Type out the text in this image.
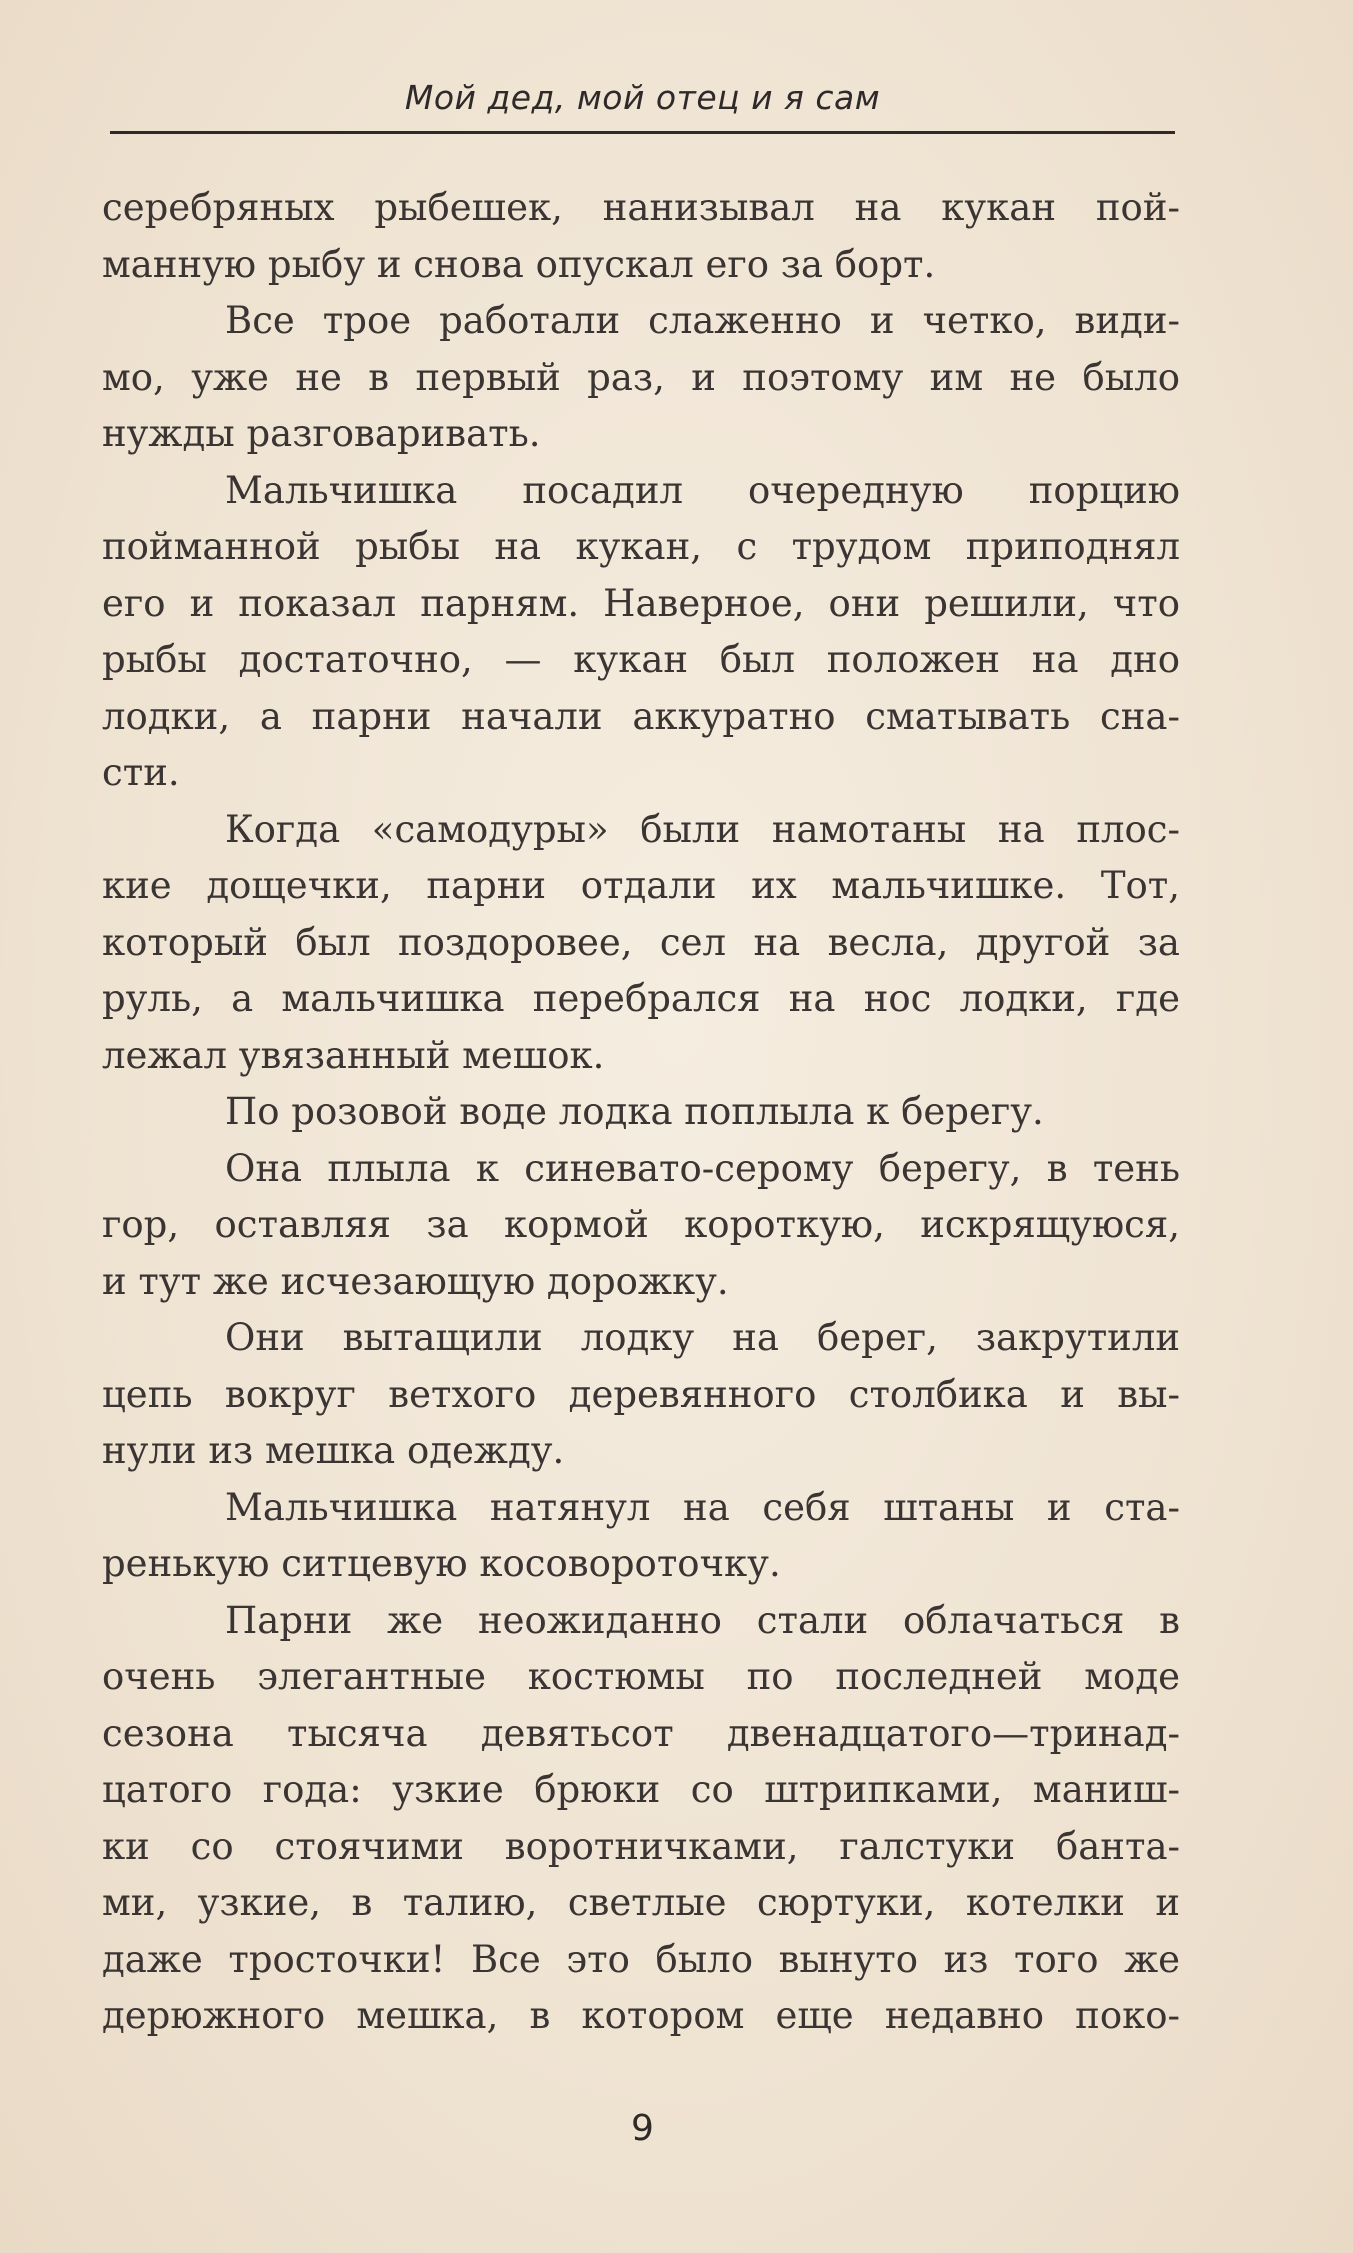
Мой дед, мой отец и я сам
серебряных рыбешек, нанизывал на кукан пой-
манную рыбу и снова опускал его за борт.
Все трое работали слаженно и четко, види-
мо, уже не в первый раз, и поэтому им не было
нужды разговаривать.
Мальчишка посадил очередную порцию
пойманной рыбы на кукан, с трудом приподнял
его и показал парням. Наверное, они решили, что
рыбы достаточно, — кукан был положен на дно
лодки, а парни начали аккуратно сматывать сна-
сти.
Когда «самодуры» были намотаны на плос-
кие дощечки, парни отдали их мальчишке. Тот,
который был поздоровее, сел на весла, другой за
руль, а мальчишка перебрался на нос лодки, где
лежал увязанный мешок.
По розовой воде лодка поплыла к берегу.
Она плыла к синевато-серому берегу, в тень
гор, оставляя за кормой короткую, искрящуюся,
и тут же исчезающую дорожку.
Они вытащили лодку на берег, закрутили
цепь вокруг ветхого деревянного столбика и вы-
нули из мешка одежду.
Мальчишка натянул на себя штаны и ста-
ренькую ситцевую косовороточку.
Парни же неожиданно стали облачаться в
очень элегантные костюмы по последней моде
сезона тысяча девятьсот двенадцатого—тринад-
цатого года: узкие брюки со штрипками, маниш-
ки со стоячими воротничками, галстуки банта-
ми, узкие, в талию, светлые сюртуки, котелки и
даже тросточки! Все это было вынуто из того же
дерюжного мешка, в котором еще недавно поко-
9
